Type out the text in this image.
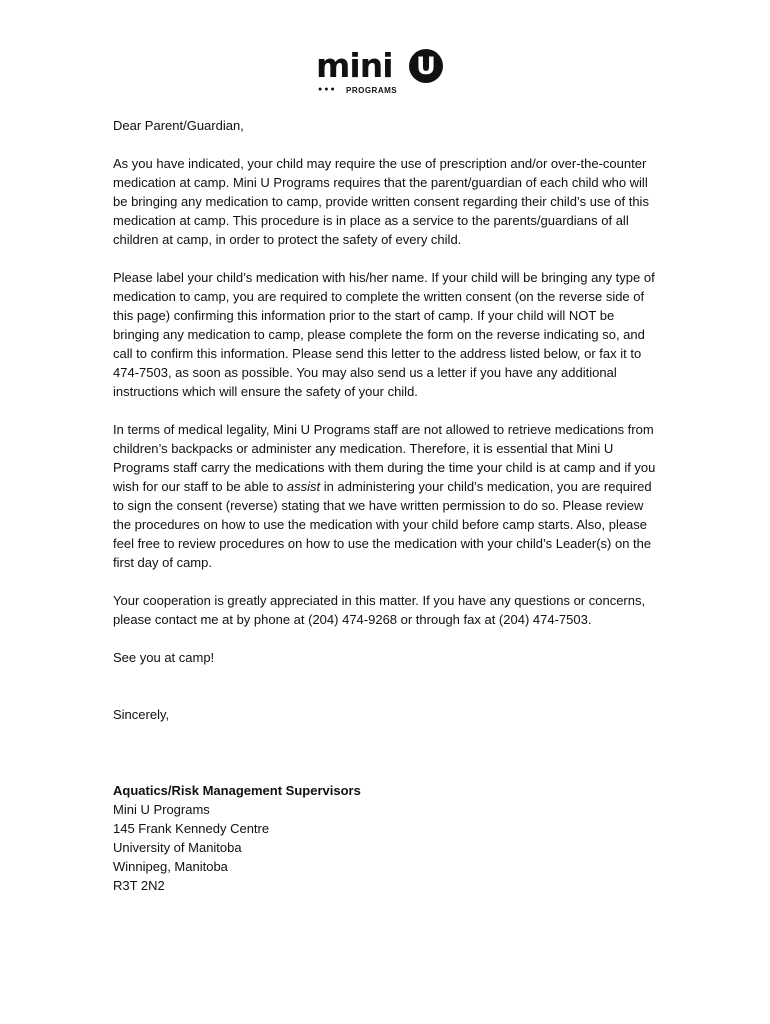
mini U
●●● PROGRAMS

Dear Parent/Guardian,

As you have indicated, your child may require the use of prescription and/or over-the-counter medication at camp. Mini U Programs requires that the parent/guardian of each child who will be bringing any medication to camp, provide written consent regarding their child’s use of this medication at camp. This procedure is in place as a service to the parents/guardians of all children at camp, in order to protect the safety of every child.

Please label your child’s medication with his/her name. If your child will be bringing any type of medication to camp, you are required to complete the written consent (on the reverse side of this page) confirming this information prior to the start of camp. If your child will NOT be bringing any medication to camp, please complete the form on the reverse indicating so, and call to confirm this information. Please send this letter to the address listed below, or fax it to 474-7503, as soon as possible. You may also send us a letter if you have any additional instructions which will ensure the safety of your child.

In terms of medical legality, Mini U Programs staff are not allowed to retrieve medications from children’s backpacks or administer any medication. Therefore, it is essential that Mini U Programs staff carry the medications with them during the time your child is at camp and if you wish for our staff to be able to assist in administering your child’s medication, you are required to sign the consent (reverse) stating that we have written permission to do so. Please review the procedures on how to use the medication with your child before camp starts. Also, please feel free to review procedures on how to use the medication with your child’s Leader(s) on the first day of camp.

Your cooperation is greatly appreciated in this matter. If you have any questions or concerns, please contact me at by phone at (204) 474-9268 or through fax at (204) 474-7503.

See you at camp!

Sincerely,

Aquatics/Risk Management Supervisors

Mini U Programs

145 Frank Kennedy Centre

University of Manitoba

Winnipeg, Manitoba

R3T 2N2
